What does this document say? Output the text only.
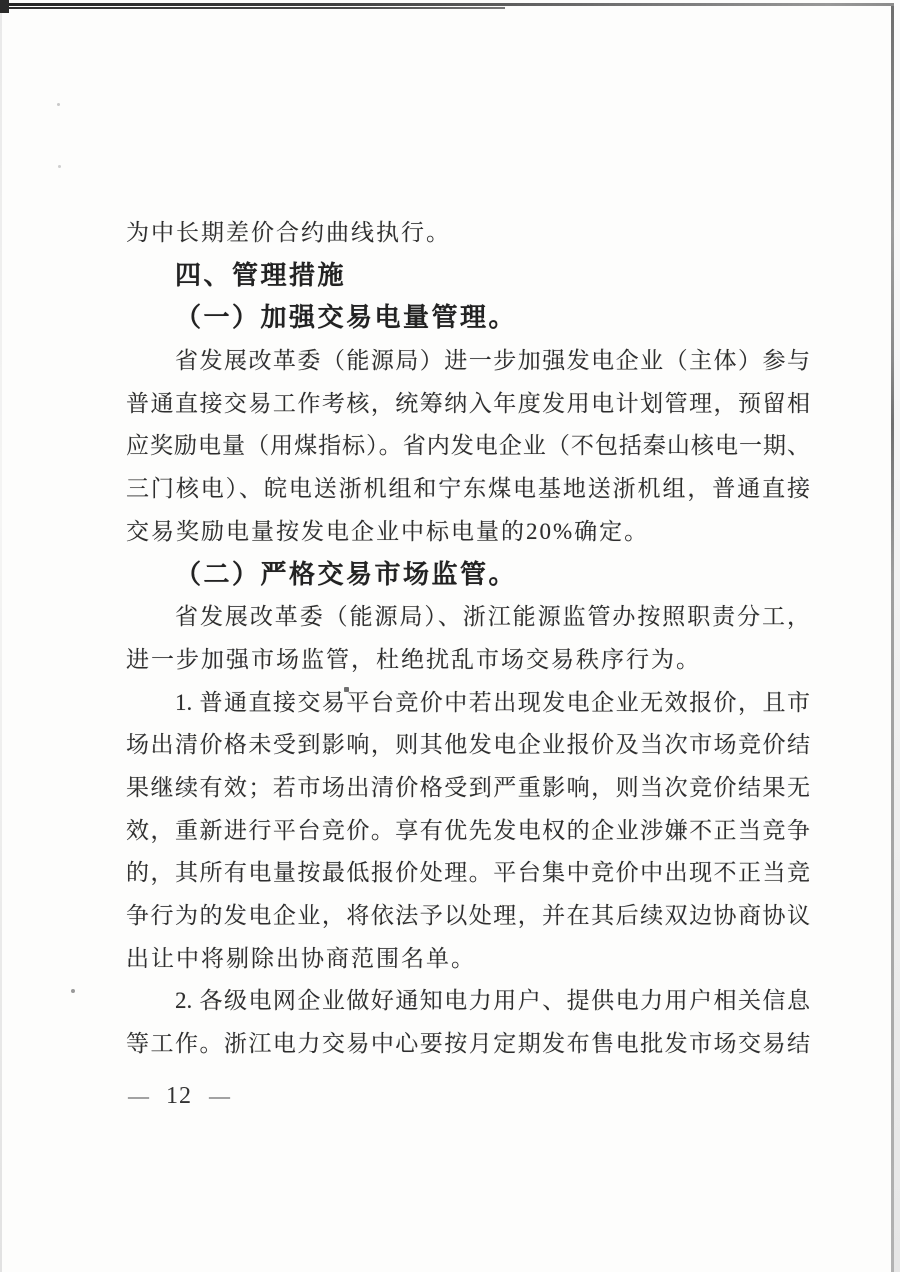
为中长期差价合约曲线执行。
四、管理措施
（一）加强交易电量管理。
省发展改革委（能源局）进一步加强发电企业（主体）参与
普通直接交易工作考核，统筹纳入年度发用电计划管理，预留相
应奖励电量（用煤指标）。省内发电企业（不包括秦山核电一期、
三门核电）、皖电送浙机组和宁东煤电基地送浙机组，普通直接
交易奖励电量按发电企业中标电量的20%确定。
（二）严格交易市场监管。
省发展改革委（能源局）、浙江能源监管办按照职责分工，
进一步加强市场监管，杜绝扰乱市场交易秩序行为。
1. 普通直接交易平台竞价中若出现发电企业无效报价，且市
场出清价格未受到影响，则其他发电企业报价及当次市场竞价结
果继续有效；若市场出清价格受到严重影响，则当次竞价结果无
效，重新进行平台竞价。享有优先发电权的企业涉嫌不正当竞争
的，其所有电量按最低报价处理。平台集中竞价中出现不正当竞
争行为的发电企业，将依法予以处理，并在其后续双边协商协议
出让中将剔除出协商范围名单。
2. 各级电网企业做好通知电力用户、提供电力用户相关信息
等工作。浙江电力交易中心要按月定期发布售电批发市场交易结
— 12 —
